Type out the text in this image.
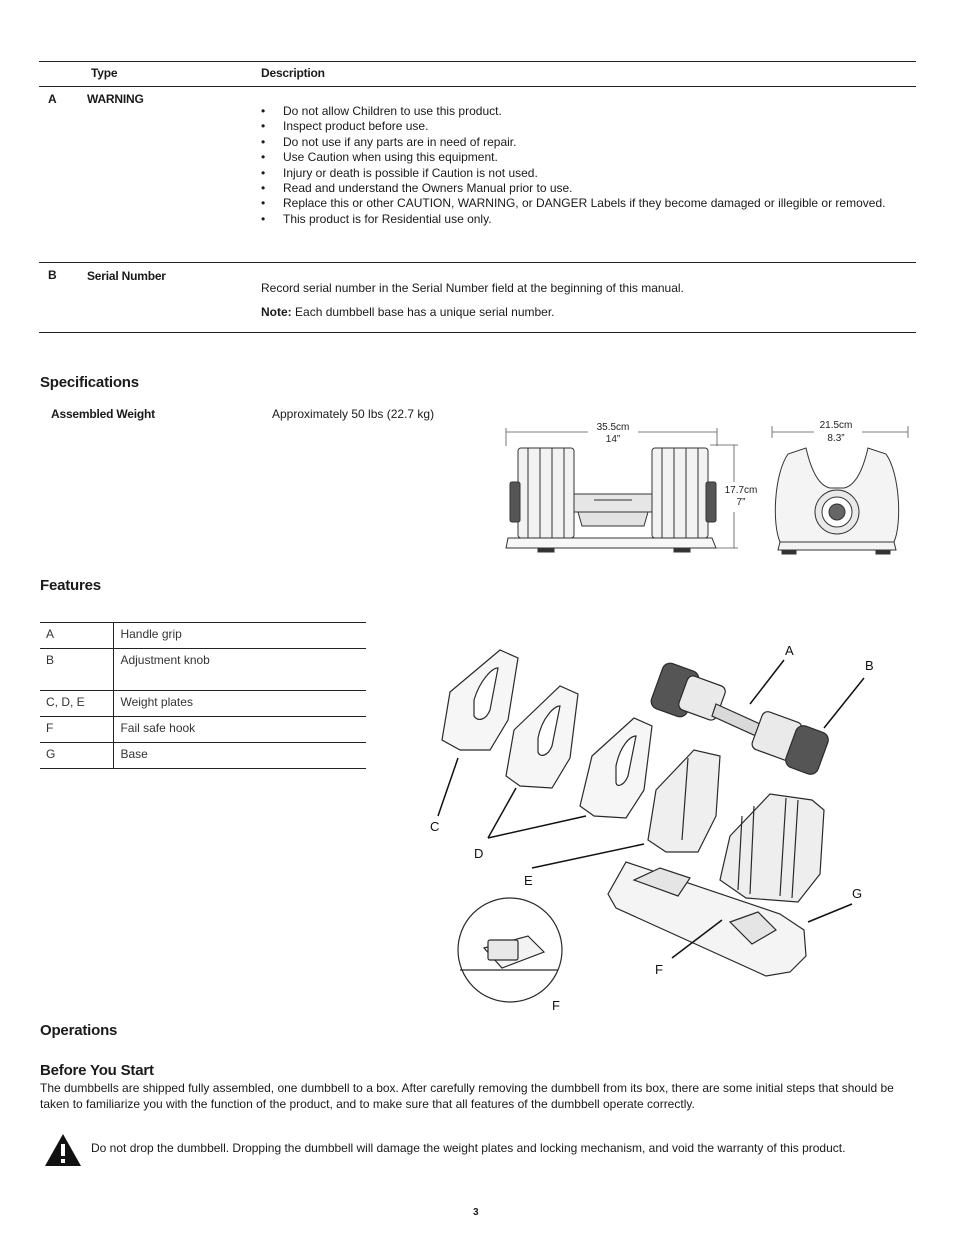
Type	Description
A	WARNING
• Do not allow Children to use this product.
• Inspect product before use.
• Do not use if any parts are in need of repair.
• Use Caution when using this equipment.
• Injury or death is possible if Caution is not used.
• Read and understand the Owners Manual prior to use.
• Replace this or other CAUTION, WARNING, or DANGER Labels if they become damaged or illegible or removed.
• This product is for Residential use only.
B	Serial Number
Record serial number in the Serial Number field at the beginning of this manual.
Note: Each dumbbell base has a unique serial number.
Specifications
Assembled Weight	Approximately 50 lbs (22.7 kg)
35.5cm
14”
17.7cm
7”
21.5cm
8.3”
Features
A	Handle grip
B	Adjustment knob
C, D, E	Weight plates
F	Fail safe hook
G	Base
A
B
C
D
E
G
F
F
Operations
Before You Start
The dumbbells are shipped fully assembled, one dumbbell to a box. After carefully removing the dumbbell from its box, there are some initial steps that should be taken to familiarize you with the function of the product, and to make sure that all features of the dumbbell operate correctly.
Do not drop the dumbbell. Dropping the dumbbell will damage the weight plates and locking mechanism, and void the warranty of this product.
3
